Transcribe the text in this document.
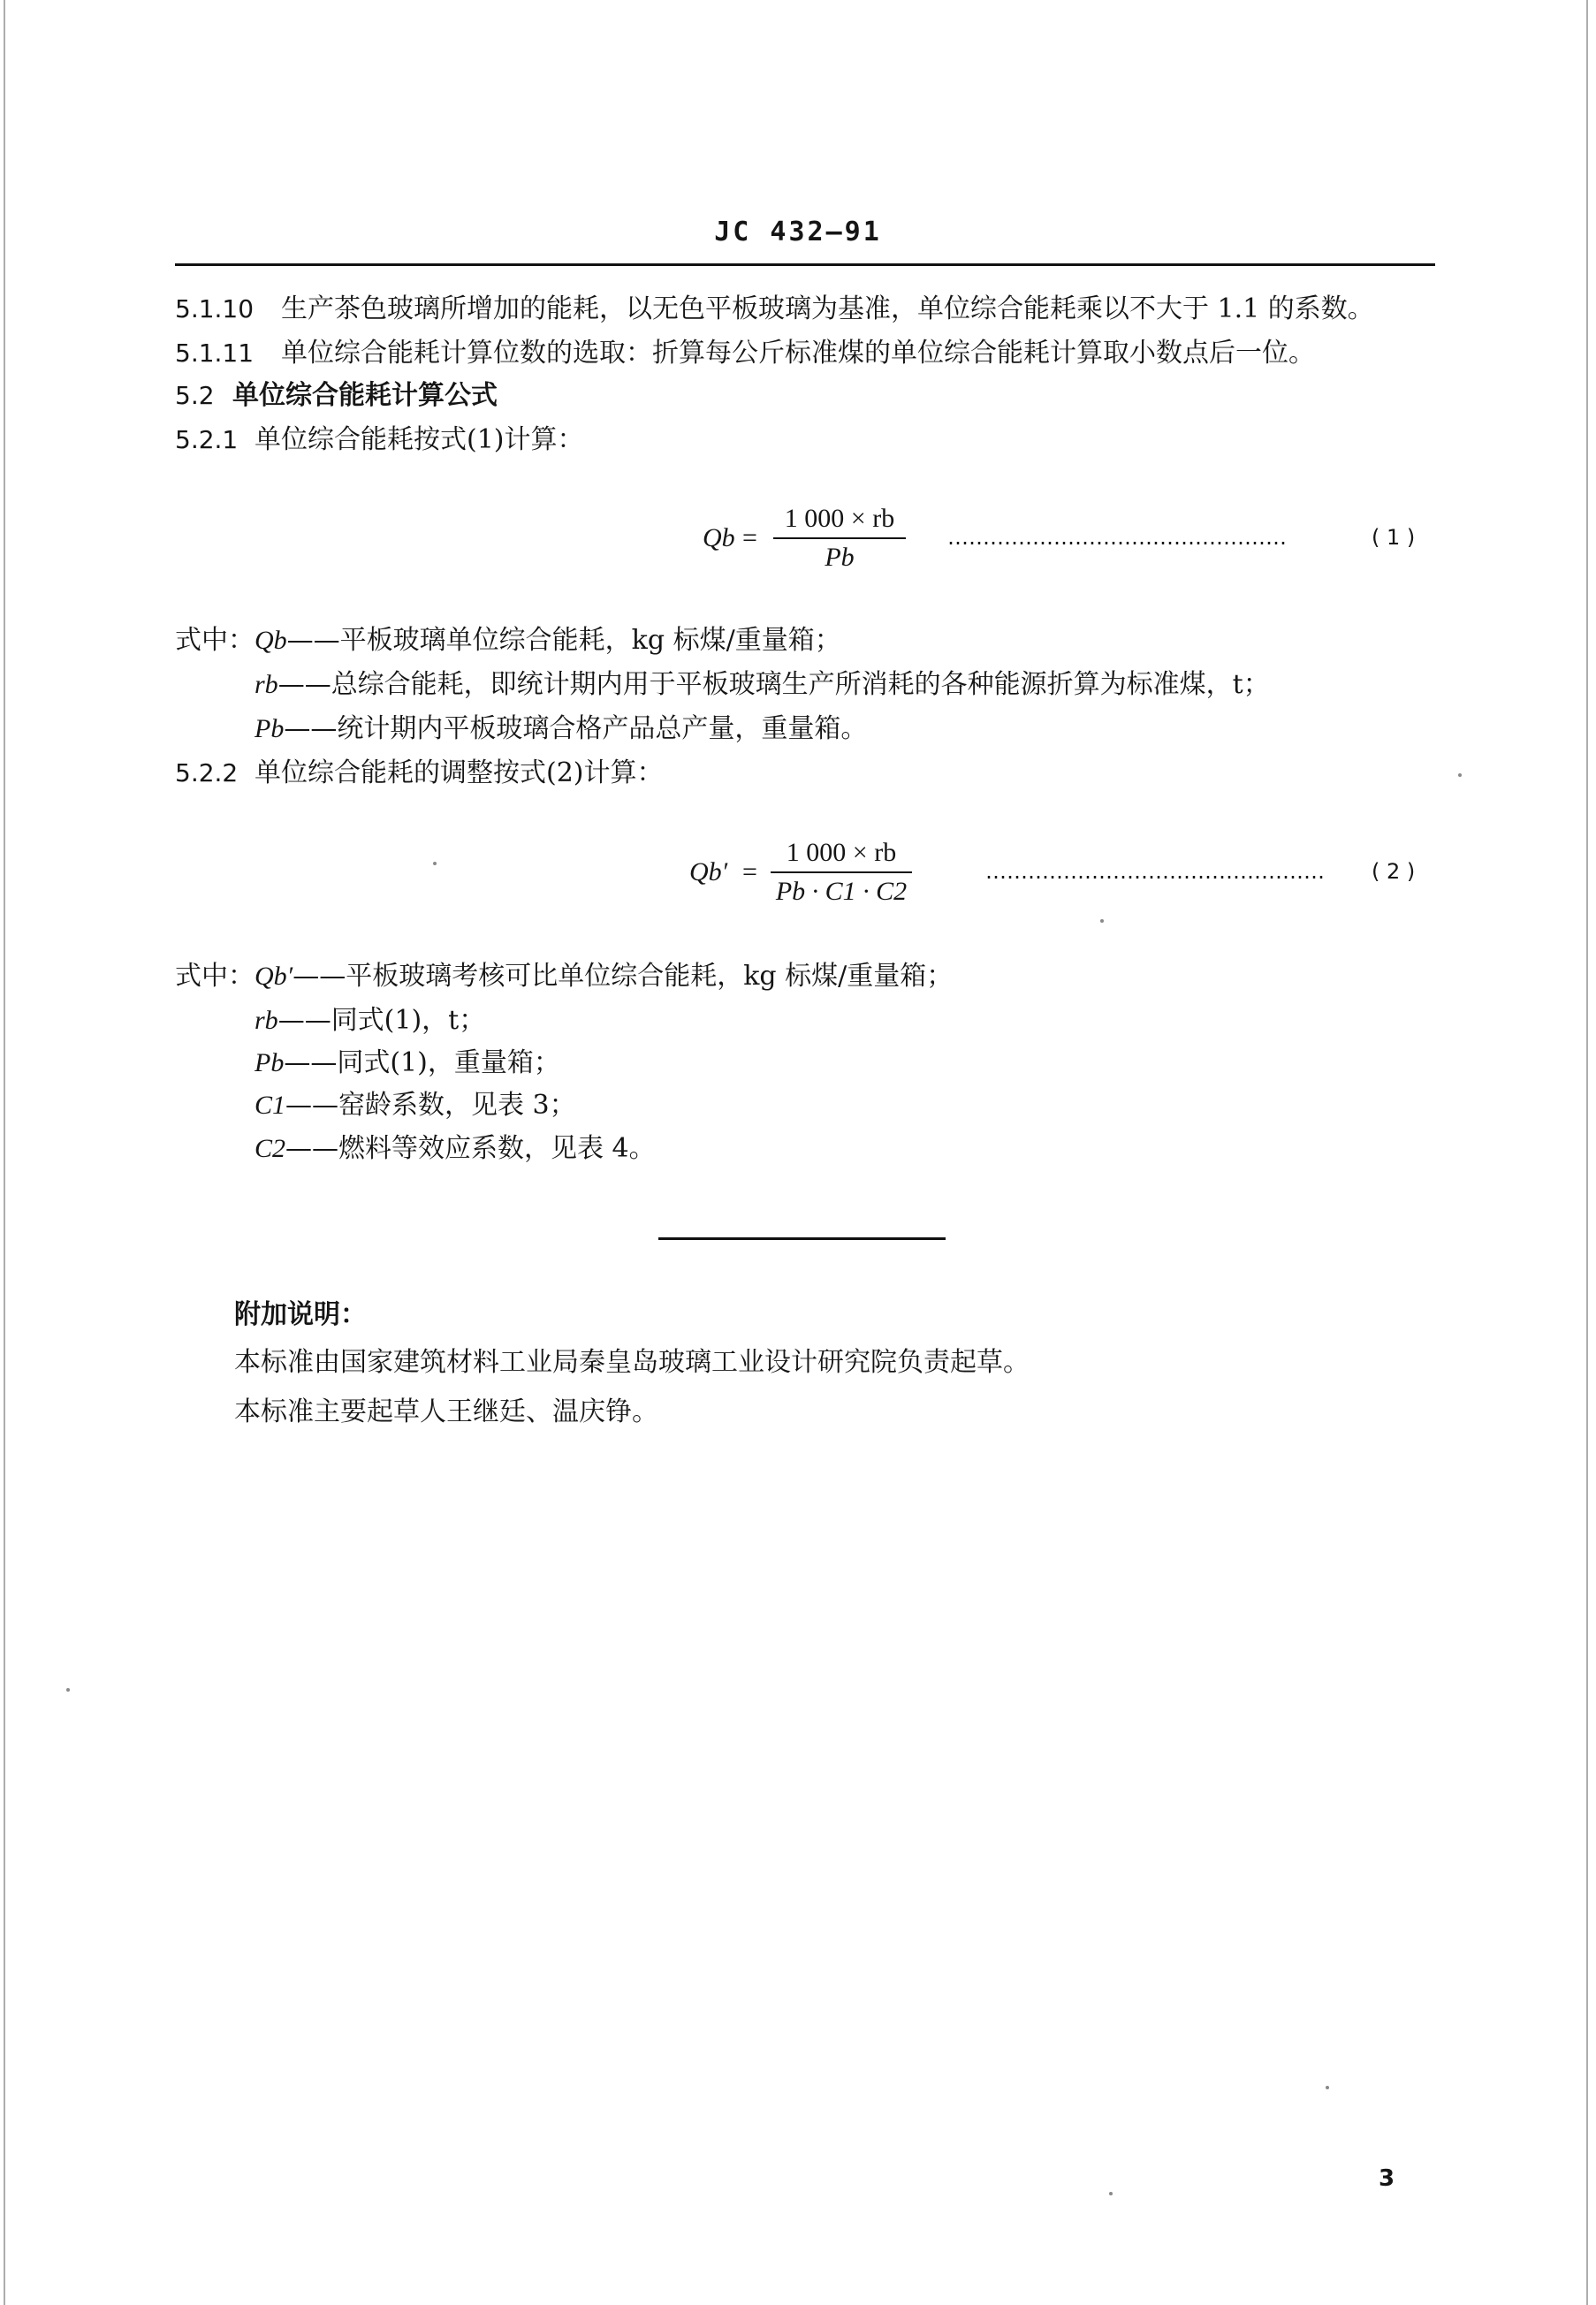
JC 432—91
5.1.10 生产茶色玻璃所增加的能耗，以无色平板玻璃为基准，单位综合能耗乘以不大于 1.1 的系数。
5.1.11 单位综合能耗计算位数的选取：折算每公斤标准煤的单位综合能耗计算取小数点后一位。
5.2 单位综合能耗计算公式
5.2.1 单位综合能耗按式(1)计算：
Qb =
1 000 × rb
Pb
…………………………………………	( 1 )
式中：Qb——平板玻璃单位综合能耗，kg 标煤/重量箱；
rb——总综合能耗，即统计期内用于平板玻璃生产所消耗的各种能源折算为标准煤，t；
Pb——统计期内平板玻璃合格产品总产量，重量箱。
5.2.2 单位综合能耗的调整按式(2)计算：
Qb′ =
1 000 × rb
Pb · C1 · C2
………………………………………… ( 2 )
式中：Qb′——平板玻璃考核可比单位综合能耗，kg 标煤/重量箱；
rb——同式(1)，t；
Pb——同式(1)，重量箱；
C1——窑龄系数，见表 3；
C2——燃料等效应系数，见表 4。
附加说明：
本标准由国家建筑材料工业局秦皇岛玻璃工业设计研究院负责起草。
本标准主要起草人王继廷、温庆铮。
3
